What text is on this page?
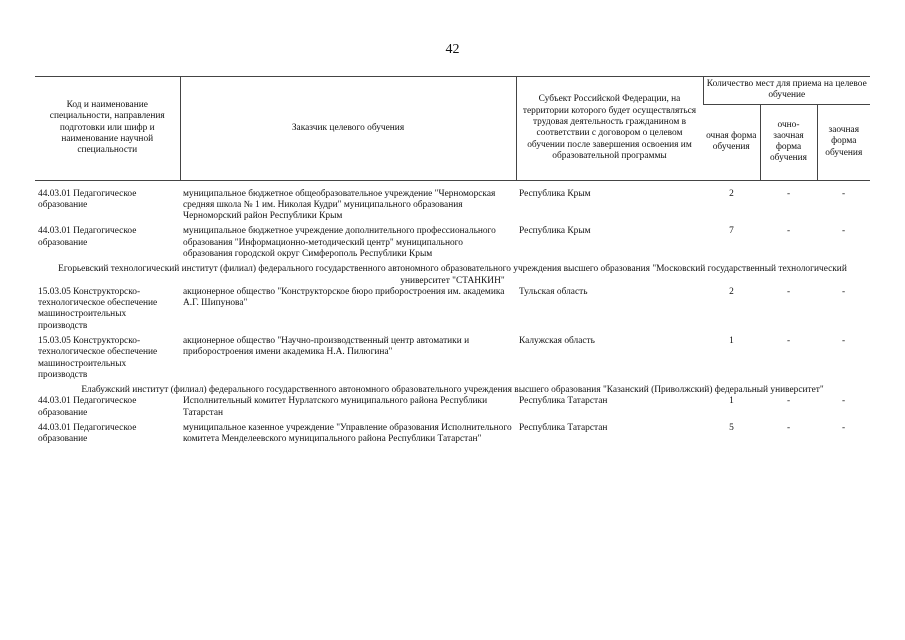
42
Код и наименование специальности, направления подготовки или шифр и наименование научной специальности	Заказчик целевого обучения	Субъект Российской Федерации, на территории которого будет осуществляться трудовая деятельность гражданином в соответствии с договором о целевом обучении после завершения освоения им образовательной программы	Количество мест для приема на целевое обучение		
			очная форма обучения	очно-заочная форма обучения	заочная форма обучения

44.03.01 Педагогическое образование	муниципальное бюджетное общеобразовательное учреждение "Черноморская средняя школа № 1 им. Николая Кудри" муниципального образования Черноморский район Республики Крым	Республика Крым	2	-	-
44.03.01 Педагогическое образование	муниципальное бюджетное учреждение дополнительного профессионального образования "Информационно-методический центр" муниципального образования городской округ Симферополь Республики Крым	Республика Крым	7	-	-
Егорьевский технологический институт (филиал) федерального государственного автономного образовательного учреждения высшего образования "Московский государственный технологический университет "СТАНКИН"					
15.03.05 Конструкторско-технологическое обеспечение машиностроительных производств	акционерное общество "Конструкторское бюро приборостроения им. академика А.Г. Шипунова"	Тульская область	2	-	-
15.03.05 Конструкторско-технологическое обеспечение машиностроительных производств	акционерное общество "Научно-производственный центр автоматики и приборостроения имени академика Н.А. Пилюгина"	Калужская область	1	-	-
Елабужский институт (филиал) федерального государственного автономного образовательного учреждения высшего образования "Казанский (Приволжский) федеральный университет"					
44.03.01 Педагогическое образование	Исполнительный комитет Нурлатского муниципального района Республики Татарстан	Республика Татарстан	1	-	-
44.03.01 Педагогическое образование	муниципальное казенное учреждение "Управление образования Исполнительного комитета Менделеевского муниципального района Республики Татарстан"	Республика Татарстан	5	-	-
